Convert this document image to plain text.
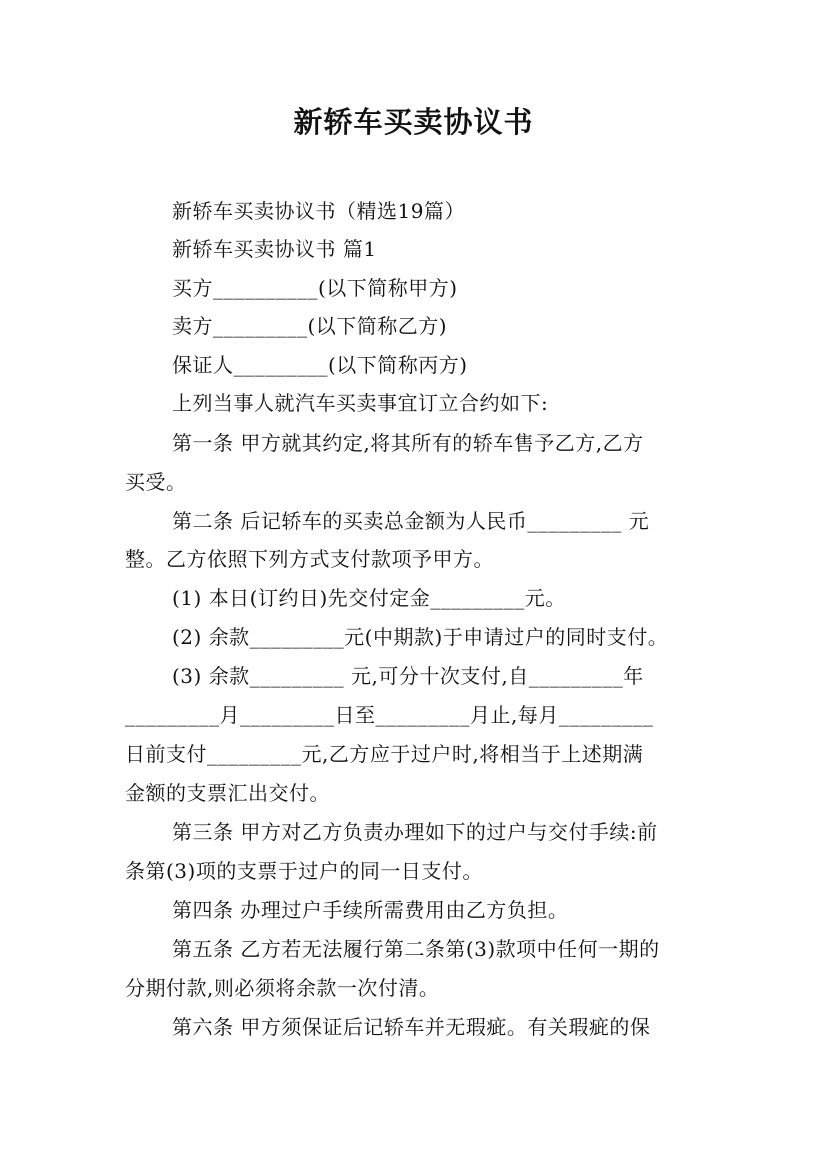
新轿车买卖协议书
新轿车买卖协议书（精选19篇）
新轿车买卖协议书 篇1
买方__________(以下简称甲方)
卖方_________(以下简称乙方)
保证人_________(以下简称丙方)
上列当事人就汽车买卖事宜订立合约如下:
第一条 甲方就其约定,将其所有的轿车售予乙方,乙方
买受。
第二条 后记轿车的买卖总金额为人民币_________ 元
整。乙方依照下列方式支付款项予甲方。
(1) 本日(订约日)先交付定金_________元。
(2) 余款_________元(中期款)于申请过户的同时支付。
(3) 余款_________ 元,可分十次支付,自_________年
_________月_________日至_________月止,每月_________
日前支付_________元,乙方应于过户时,将相当于上述期满
金额的支票汇出交付。
第三条 甲方对乙方负责办理如下的过户与交付手续:前
条第(3)项的支票于过户的同一日支付。
第四条 办理过户手续所需费用由乙方负担。
第五条 乙方若无法履行第二条第(3)款项中任何一期的
分期付款,则必须将余款一次付清。
第六条 甲方须保证后记轿车并无瑕疵。有关瑕疵的保
